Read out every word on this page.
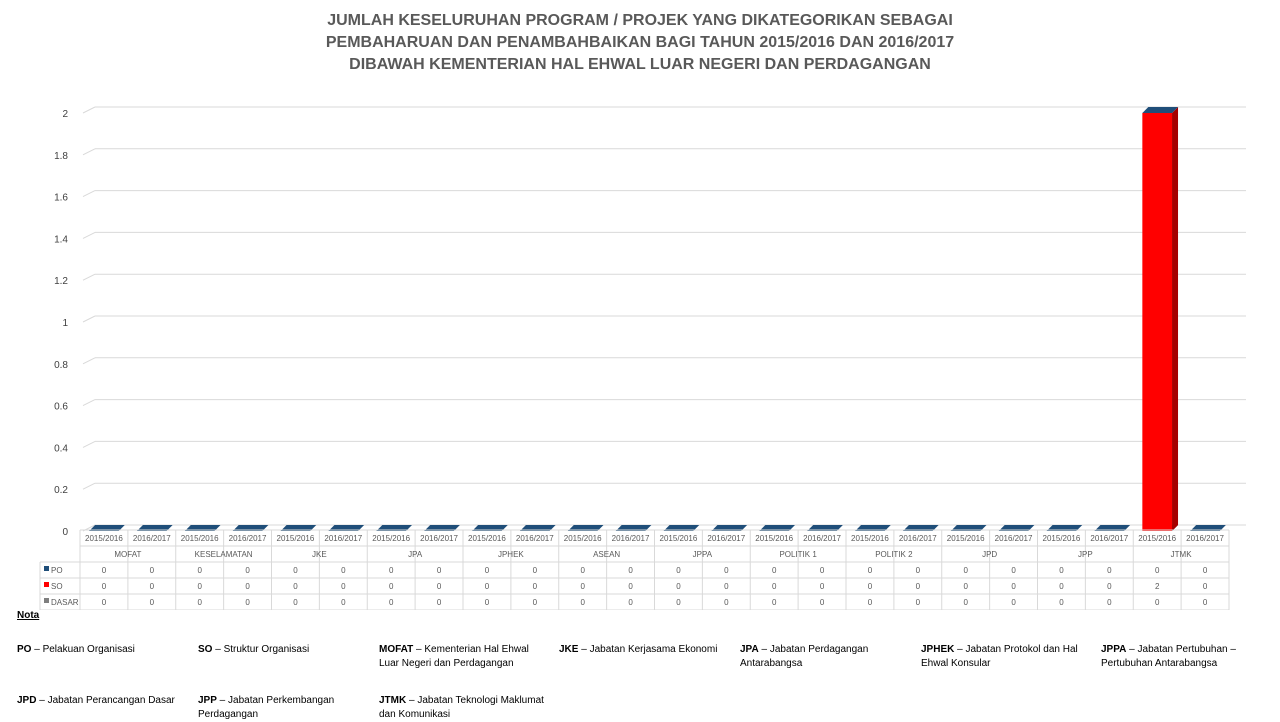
JUMLAH KESELURUHAN PROGRAM / PROJEK YANG DIKATEGORIKAN SEBAGAI
PEMBAHARUAN DAN PENAMBAHBAIKAN BAGI TAHUN 2015/2016 DAN 2016/2017
DIBAWAH KEMENTERIAN HAL EHWAL LUAR NEGERI DAN PERDAGANGAN
0
0.2
0.4
0.6
0.8
1
1.2
1.4
1.6
1.8
2
2015/2016 2016/2017 2015/2016 2016/2017 2015/2016 2016/2017 2015/2016 2016/2017 2015/2016 2016/2017 2015/2016 2016/2017 2015/2016 2016/2017 2015/2016 2016/2017 2015/2016 2016/2017 2015/2016 2016/2017 2015/2016 2016/2017 2015/2016 2016/2017
MOFAT	KESELAMATAN	JKE	JPA	JPHEK	ASEAN	JPPA	POLITIK 1	POLITIK 2	JPD	JPP	JTMK
PO	0	0	0	0	0	0	0	0	0	0	0	0	0	0	0	0	0	0	0	0	0	0	0	0
SO	0	0	0	0	0	0	0	0	0	0	0	0	0	0	0	0	0	0	0	0	0	0	2	0
DASAR	0	0	0	0	0	0	0	0	0	0	0	0	0	0	0	0	0	0	0	0	0	0	0	0
Nota
PO – Pelakuan Organisasi	SO – Struktur Organisasi	MOFAT – Kementerian Hal Ehwal Luar Negeri dan Perdagangan
JKE – Jabatan Kerjasama Ekonomi	JPA – Jabatan Perdagangan Antarabangsa
JPHEK – Jabatan Protokol dan Hal Ehwal Konsular
JPPA – Jabatan Pertubuhan – Pertubuhan Antarabangsa
JPD – Jabatan Perancangan Dasar	JPP – Jabatan Perkembangan Perdagangan
JTMK – Jabatan Teknologi Maklumat dan Komunikasi
